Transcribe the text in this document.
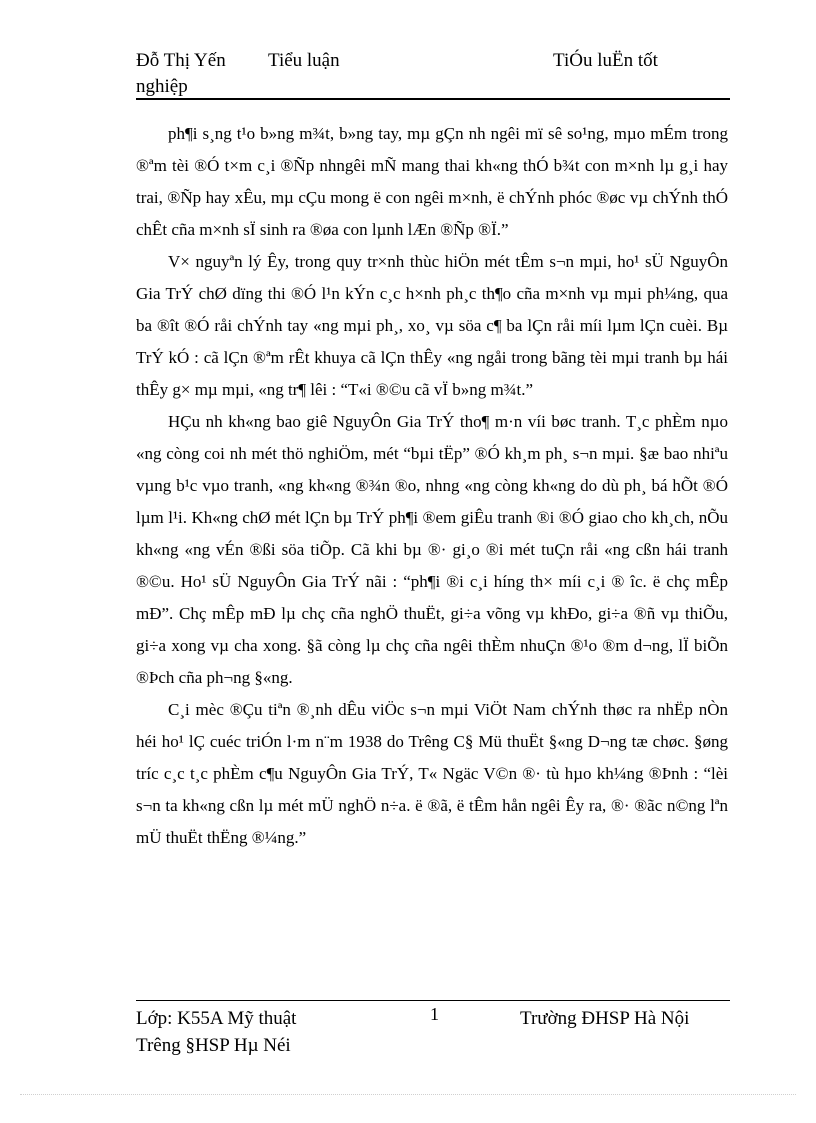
Đỗ Thị Yến Tiểu luận	TiÓu luËn tốt
nghiệp

ph¶i s¸ng t¹o b»ng m¾t, b»ng tay, mµ gÇn nh ngêi mï sê so¹ng, mµo mÉm trong ®ªm tèi ®Ó t×m c¸i ®Ñp nhngêi mÑ mang thai kh«ng thÓ b¾t con m×nh lµ g¸i hay trai, ®Ñp hay xÊu, mµ cÇu mong ë con ngêi m×nh, ë chÝnh phóc ®øc vµ chÝnh thÓ chÊt cña m×nh sÏ sinh ra ®øa con lµnh lÆn ®Ñp ®Ï.”

V× nguyªn lý Êy, trong quy tr×nh thùc hiÖn mét tÊm s¬n mµi, ho¹ sÜ NguyÔn Gia TrÝ chØ dïng thi ®Ó l¹n kÝn c¸c h×nh ph¸c th¶o cña m×nh vµ mµi ph¼ng, qua ba ®ît ®Ó råi chÝnh tay «ng mµi ph¸, xo¸ vµ söa c¶ ba lÇn råi míi lµm lÇn cuèi. Bµ TrÝ kÓ : cã lÇn ®ªm rÊt khuya cã lÇn thÊy «ng ngåi trong bãng tèi mµi tranh bµ hái thÊy g× mµ mµi, «ng tr¶ lêi : “T«i ®©u cã vÏ b»ng m¾t.”

HÇu nh kh«ng bao giê NguyÔn Gia TrÝ tho¶ m·n víi bøc tranh. T¸c phÈm nµo «ng còng coi nh mét thö nghiÖm, mét “bµi tËp” ®Ó kh¸m ph¸ s¬n mµi. §æ bao nhiªu vµng b¹c vµo tranh, «ng kh«ng ®¾n ®o, nhng «ng còng kh«ng do dù ph¸ bá hÕt ®Ó lµm l¹i. Kh«ng chØ mét lÇn bµ TrÝ ph¶i ®em giÊu tranh ®i ®Ó giao cho kh¸ch, nÕu kh«ng «ng vÉn ®ßi söa tiÕp. Cã khi bµ ®· gi¸o ®i mét tuÇn råi «ng cßn hái tranh ®©u. Ho¹ sÜ NguyÔn Gia TrÝ nãi : “ph¶i ®i c¸i híng th× míi c¸i ® îc. ë chç mÊp mÐ”. Chç mÊp mÐ lµ chç cña nghÖ thuËt, gi÷a võng vµ khÐo, gi÷a ®ñ vµ thiÕu, gi÷a xong vµ cha xong. §ã còng lµ chç cña ngêi thÈm nhuÇn ®¹o ®m d¬ng, lÏ biÕn ®Þch cña ph¬ng §«ng.

C¸i mèc ®Çu tiªn ®¸nh dÊu viÖc s¬n mµi ViÖt Nam chÝnh thøc ra nhËp nÒn héi ho¹ lÇ cuéc triÓn l·m n¨m 1938 do Trêng C§ Mü thuËt §«ng D¬ng tæ chøc. §øng tríc c¸c t¸c phÈm c¶u NguyÔn Gia TrÝ, T« Ngäc V©n ®· tù hµo kh¼ng ®Þnh : “lèi s¬n ta kh«ng cßn lµ mét mÜ nghÖ n÷a. ë ®ã, ë tÊm hån ngêi Êy ra, ®· ®ãc n©ng lªn mÜ thuËt thËng ®¼ng.”

Lớp: K55A Mỹ thuật
Trêng §HSP Hµ Néi
1	Trường ĐHSP Hà Nội
